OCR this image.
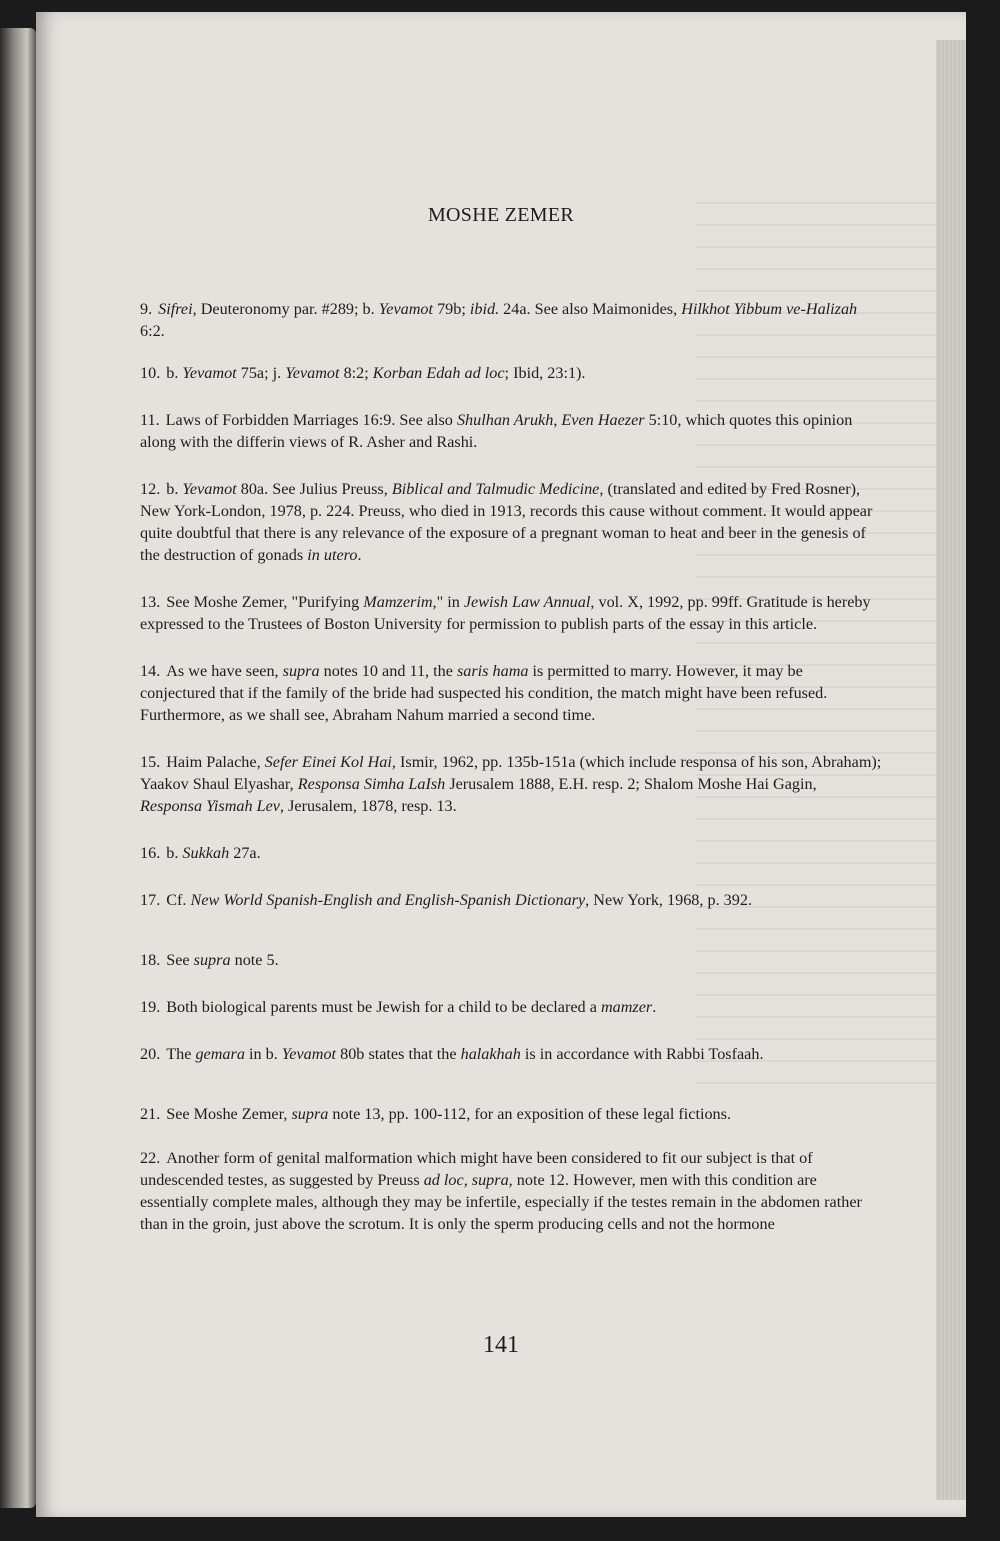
MOSHE ZEMER

9. Sifrei, Deuteronomy par. #289; b. Yevamot 79b; ibid. 24a. See also Maimonides, Hilkhot Yibbum ve-Halizah 6:2.

10. b. Yevamot 75a; j. Yevamot 8:2; Korban Edah ad loc; Ibid, 23:1).

11. Laws of Forbidden Marriages 16:9. See also Shulhan Arukh, Even Haezer 5:10, which quotes this opinion along with the differin views of R. Asher and Rashi.

12. b. Yevamot 80a. See Julius Preuss, Biblical and Talmudic Medicine, (translated and edited by Fred Rosner), New York-London, 1978, p. 224. Preuss, who died in 1913, records this cause without comment. It would appear quite doubtful that there is any relevance of the exposure of a pregnant woman to heat and beer in the genesis of the destruction of gonads in utero.

13. See Moshe Zemer, "Purifying Mamzerim," in Jewish Law Annual, vol. X, 1992, pp. 99ff. Gratitude is hereby expressed to the Trustees of Boston University for permission to publish parts of the essay in this article.

14. As we have seen, supra notes 10 and 11, the saris hama is permitted to marry. However, it may be conjectured that if the family of the bride had suspected his condition, the match might have been refused. Furthermore, as we shall see, Abraham Nahum married a second time.

15. Haim Palache, Sefer Einei Kol Hai, Ismir, 1962, pp. 135b-151a (which include responsa of his son, Abraham); Yaakov Shaul Elyashar, Responsa Simha LaIsh Jerusalem 1888, E.H. resp. 2; Shalom Moshe Hai Gagin, Responsa Yismah Lev, Jerusalem, 1878, resp. 13.

16. b. Sukkah 27a.

17. Cf. New World Spanish-English and English-Spanish Dictionary, New York, 1968, p. 392.

18. See supra note 5.

19. Both biological parents must be Jewish for a child to be declared a mamzer.

20. The gemara in b. Yevamot 80b states that the halakhah is in accordance with Rabbi Tosfaah.

21. See Moshe Zemer, supra note 13, pp. 100-112, for an exposition of these legal fictions.

22. Another form of genital malformation which might have been considered to fit our subject is that of undescended testes, as suggested by Preuss ad loc, supra, note 12. However, men with this condition are essentially complete males, although they may be infertile, especially if the testes remain in the abdomen rather than in the groin, just above the scrotum. It is only the sperm producing cells and not the hormone

141
